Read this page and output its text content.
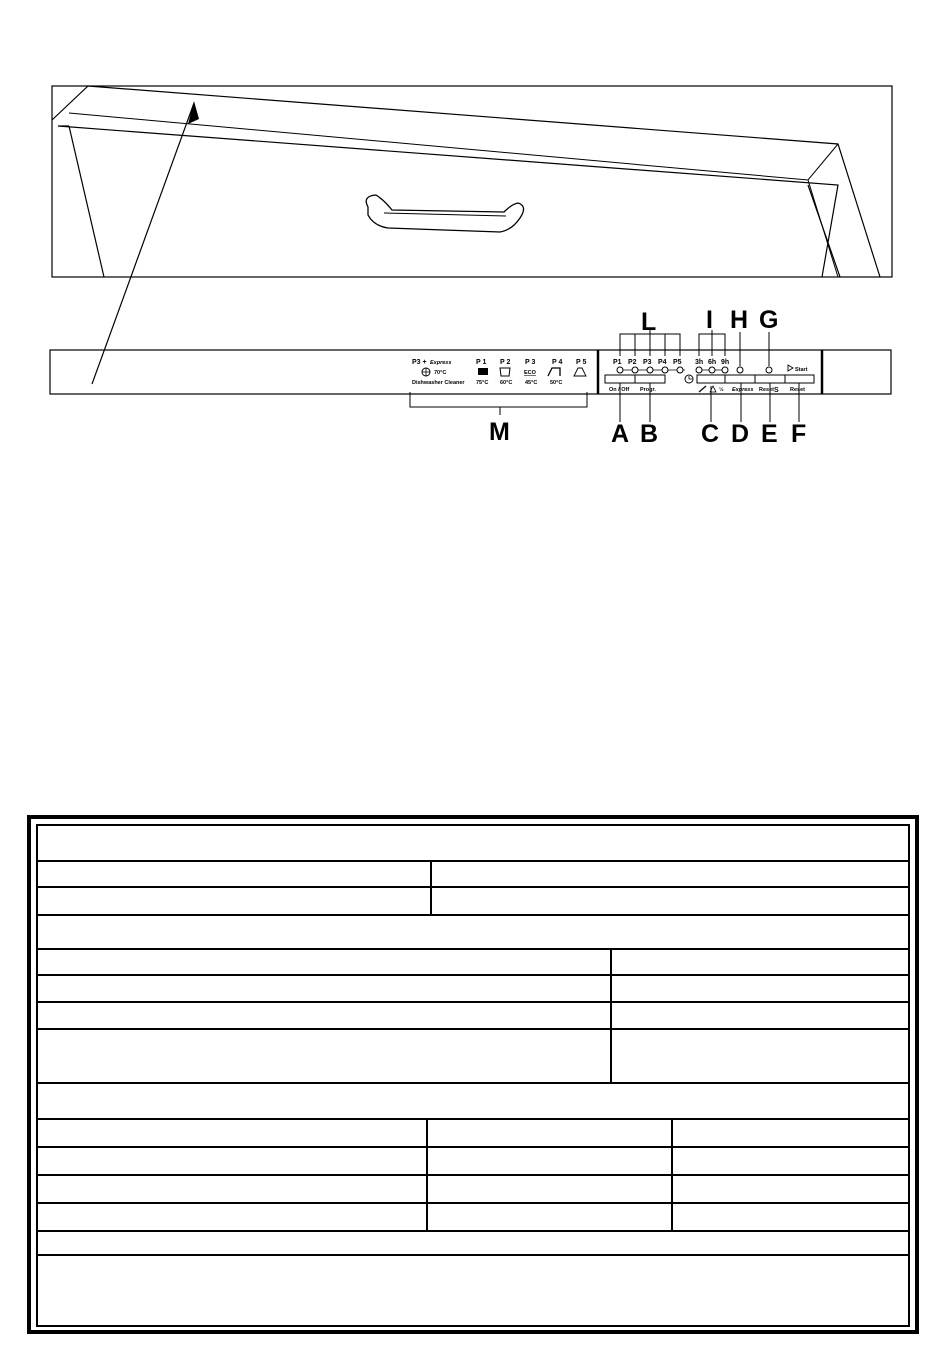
P3 + Express
70°C
Dishwasher Cleaner
P 1 P 2 P 3 P 4 P 5
ECO
75°C 60°C 45°C 50°C
P1 P2 P3 P4 P5 3h 6h 9h
On / Off Progr.	½ Express Reset S
Start
Reset
L I H G
M	A B C D E F
